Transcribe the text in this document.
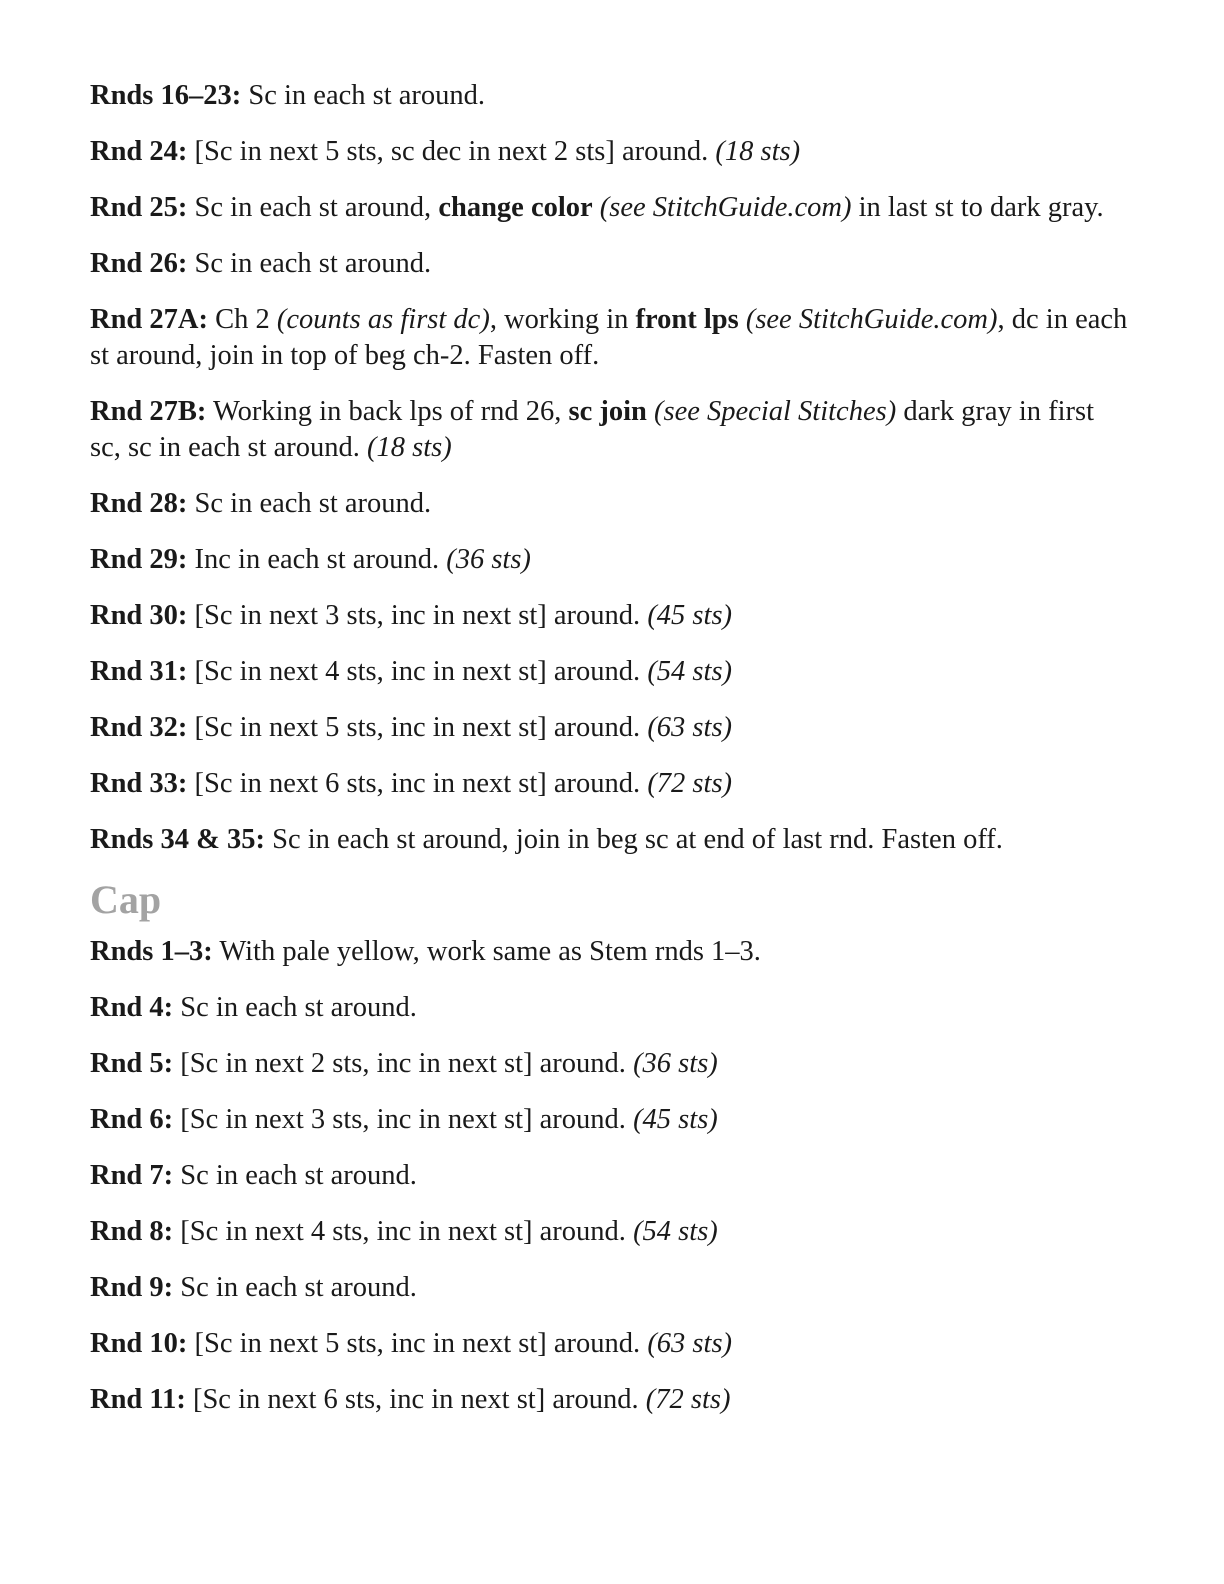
Rnds 16–23: Sc in each st around.

Rnd 24: [Sc in next 5 sts, sc dec in next 2 sts] around. (18 sts)

Rnd 25: Sc in each st around, change color (see StitchGuide.com) in last st to dark gray.

Rnd 26: Sc in each st around.

Rnd 27A: Ch 2 (counts as first dc), working in front lps (see StitchGuide.com), dc in each st around, join in top of beg ch-2. Fasten off.

Rnd 27B: Working in back lps of rnd 26, sc join (see Special Stitches) dark gray in first sc, sc in each st around. (18 sts)

Rnd 28: Sc in each st around.

Rnd 29: Inc in each st around. (36 sts)

Rnd 30: [Sc in next 3 sts, inc in next st] around. (45 sts)

Rnd 31: [Sc in next 4 sts, inc in next st] around. (54 sts)

Rnd 32: [Sc in next 5 sts, inc in next st] around. (63 sts)

Rnd 33: [Sc in next 6 sts, inc in next st] around. (72 sts)

Rnds 34 & 35: Sc in each st around, join in beg sc at end of last rnd. Fasten off.

Cap

Rnds 1–3: With pale yellow, work same as Stem rnds 1–3.

Rnd 4: Sc in each st around.

Rnd 5: [Sc in next 2 sts, inc in next st] around. (36 sts)

Rnd 6: [Sc in next 3 sts, inc in next st] around. (45 sts)

Rnd 7: Sc in each st around.

Rnd 8: [Sc in next 4 sts, inc in next st] around. (54 sts)

Rnd 9: Sc in each st around.

Rnd 10: [Sc in next 5 sts, inc in next st] around. (63 sts)

Rnd 11: [Sc in next 6 sts, inc in next st] around. (72 sts)
